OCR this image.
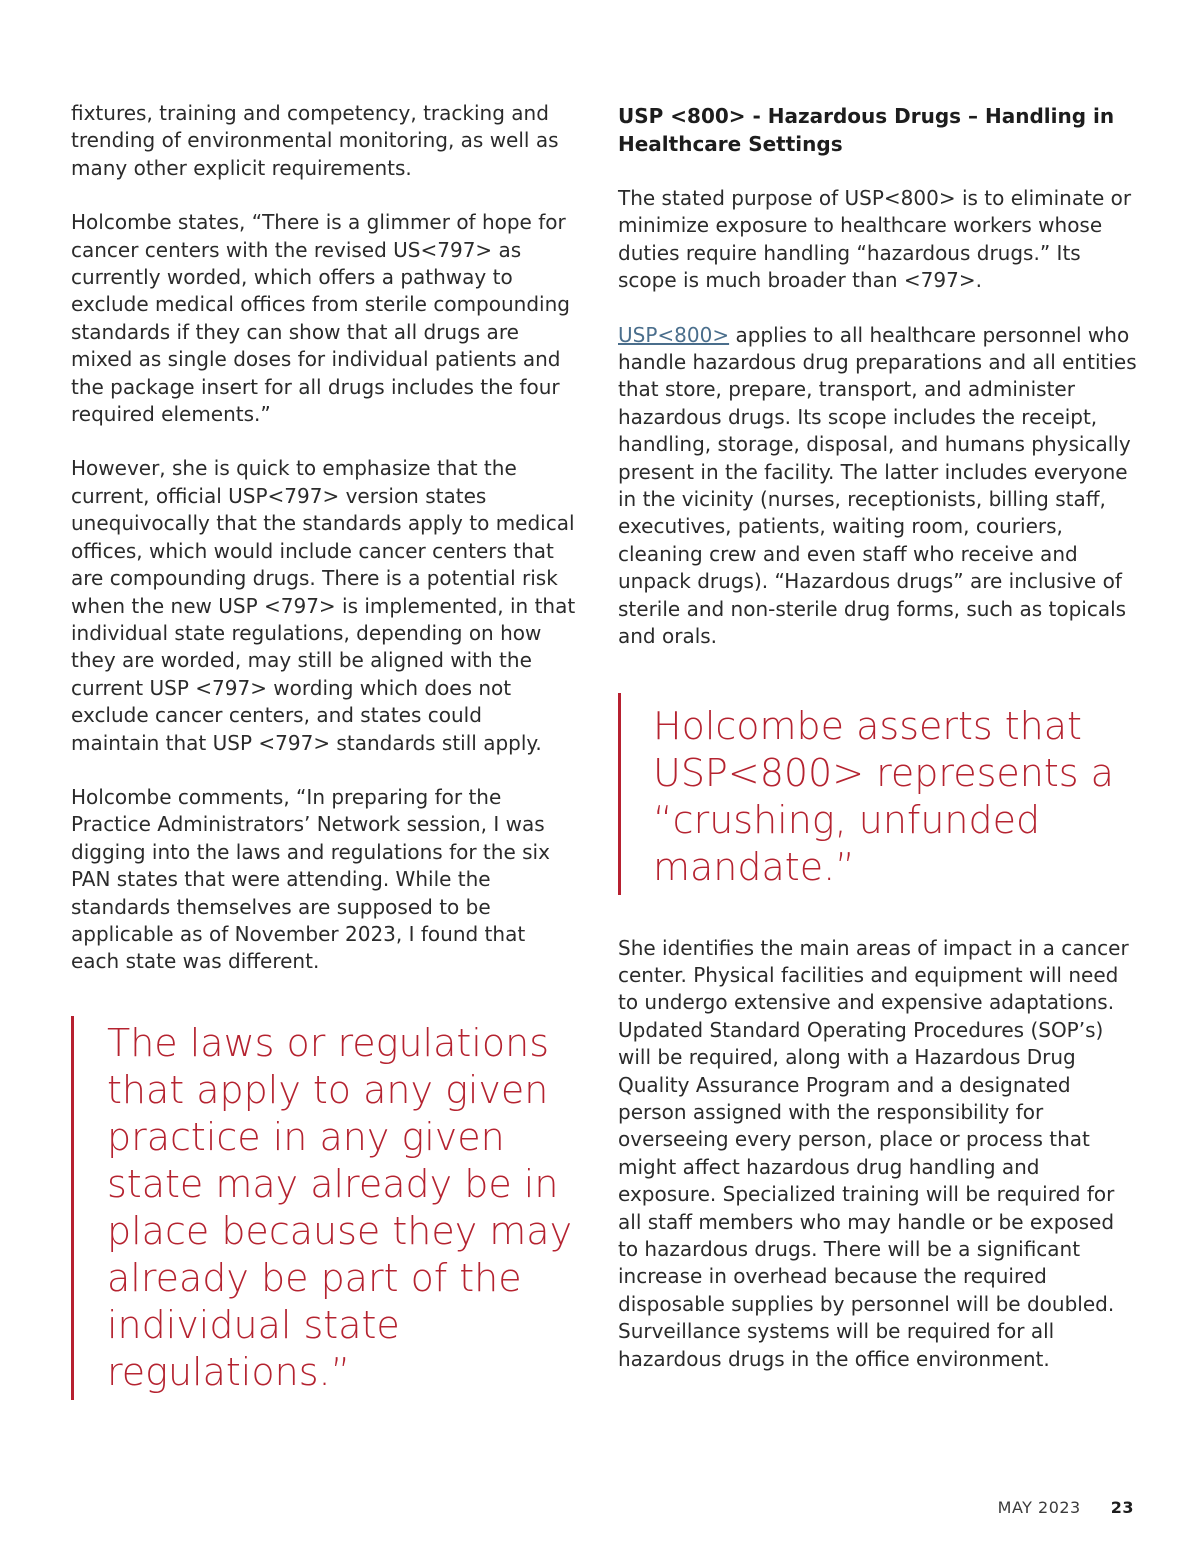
fixtures, training and competency, tracking and trending of environmental monitoring, as well as many other explicit requirements.

Holcombe states, “There is a glimmer of hope for cancer centers with the revised US<797> as currently worded, which offers a pathway to exclude medical offices from sterile compounding standards if they can show that all drugs are mixed as single doses for individual patients and the package insert for all drugs includes the four required elements.”

However, she is quick to emphasize that the current, official USP<797> version states unequivocally that the standards apply to medical offices, which would include cancer centers that are compounding drugs. There is a potential risk when the new USP <797> is implemented, in that individual state regulations, depending on how they are worded, may still be aligned with the current USP <797> wording which does not exclude cancer centers, and states could maintain that USP <797> standards still apply.

Holcombe comments, “In preparing for the Practice Administrators’ Network session, I was digging into the laws and regulations for the six PAN states that were attending. While the standards themselves are supposed to be applicable as of November 2023, I found that each state was different.

The laws or regulations that apply to any given practice in any given state may already be in place because they may already be part of the individual state regulations.”
USP <800> - Hazardous Drugs – Handling in Healthcare Settings

The stated purpose of USP<800> is to eliminate or minimize exposure to healthcare workers whose duties require handling “hazardous drugs.” Its scope is much broader than <797>.

USP<800> applies to all healthcare personnel who handle hazardous drug preparations and all entities that store, prepare, transport, and administer hazardous drugs. Its scope includes the receipt, handling, storage, disposal, and humans physically present in the facility. The latter includes everyone in the vicinity (nurses, receptionists, billing staff, executives, patients, waiting room, couriers, cleaning crew and even staff who receive and unpack drugs). “Hazardous drugs” are inclusive of sterile and non-sterile drug forms, such as topicals and orals.

Holcombe asserts that USP<800> represents a “crushing, unfunded mandate.”

She identifies the main areas of impact in a cancer center. Physical facilities and equipment will need to undergo extensive and expensive adaptations. Updated Standard Operating Procedures (SOP’s) will be required, along with a Hazardous Drug Quality Assurance Program and a designated person assigned with the responsibility for overseeing every person, place or process that might affect hazardous drug handling and exposure. Specialized training will be required for all staff members who may handle or be exposed to hazardous drugs. There will be a significant increase in overhead because the required disposable supplies by personnel will be doubled. Surveillance systems will be required for all hazardous drugs in the office environment.

MAY 2023 23
